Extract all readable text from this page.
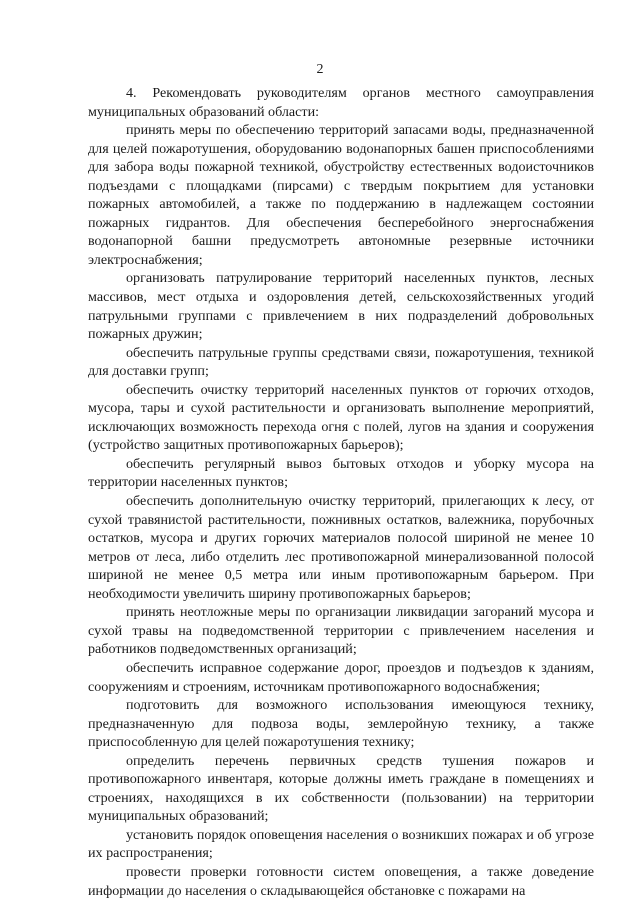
2

4. Рекомендовать руководителям органов местного самоуправления муниципальных образований области:

принять меры по обеспечению территорий запасами воды, предназначенной для целей пожаротушения, оборудованию водонапорных башен приспособлениями для забора воды пожарной техникой, обустройству естественных водоисточников подъездами с площадками (пирсами) с твердым покрытием для установки пожарных автомобилей, а также по поддержанию в надлежащем состоянии пожарных гидрантов. Для обеспечения бесперебойного энергоснабжения водонапорной башни предусмотреть автономные резервные источники электроснабжения;

организовать патрулирование территорий населенных пунктов, лесных массивов, мест отдыха и оздоровления детей, сельскохозяйственных угодий патрульными группами с привлечением в них подразделений добровольных пожарных дружин;

обеспечить патрульные группы средствами связи, пожаротушения, техникой для доставки групп;

обеспечить очистку территорий населенных пунктов от горючих отходов, мусора, тары и сухой растительности и организовать выполнение мероприятий, исключающих возможность перехода огня с полей, лугов на здания и сооружения (устройство защитных противопожарных барьеров);

обеспечить регулярный вывоз бытовых отходов и уборку мусора на территории населенных пунктов;

обеспечить дополнительную очистку территорий, прилегающих к лесу, от сухой травянистой растительности, пожнивных остатков, валежника, порубочных остатков, мусора и других горючих материалов полосой шириной не менее 10 метров от леса, либо отделить лес противопожарной минерализованной полосой шириной не менее 0,5 метра или иным противопожарным барьером. При необходимости увеличить ширину противопожарных барьеров;

принять неотложные меры по организации ликвидации загораний мусора и сухой травы на подведомственной территории с привлечением населения и работников подведомственных организаций;

обеспечить исправное содержание дорог, проездов и подъездов к зданиям, сооружениям и строениям, источникам противопожарного водоснабжения;

подготовить для возможного использования имеющуюся технику, предназначенную для подвоза воды, землеройную технику, а также приспособленную для целей пожаротушения технику;

определить перечень первичных средств тушения пожаров и противопожарного инвентаря, которые должны иметь граждане в помещениях и строениях, находящихся в их собственности (пользовании) на территории муниципальных образований;

установить порядок оповещения населения о возникших пожарах и об угрозе их распространения;

провести проверки готовности систем оповещения, а также доведение информации до населения о складывающейся обстановке с пожарами на
